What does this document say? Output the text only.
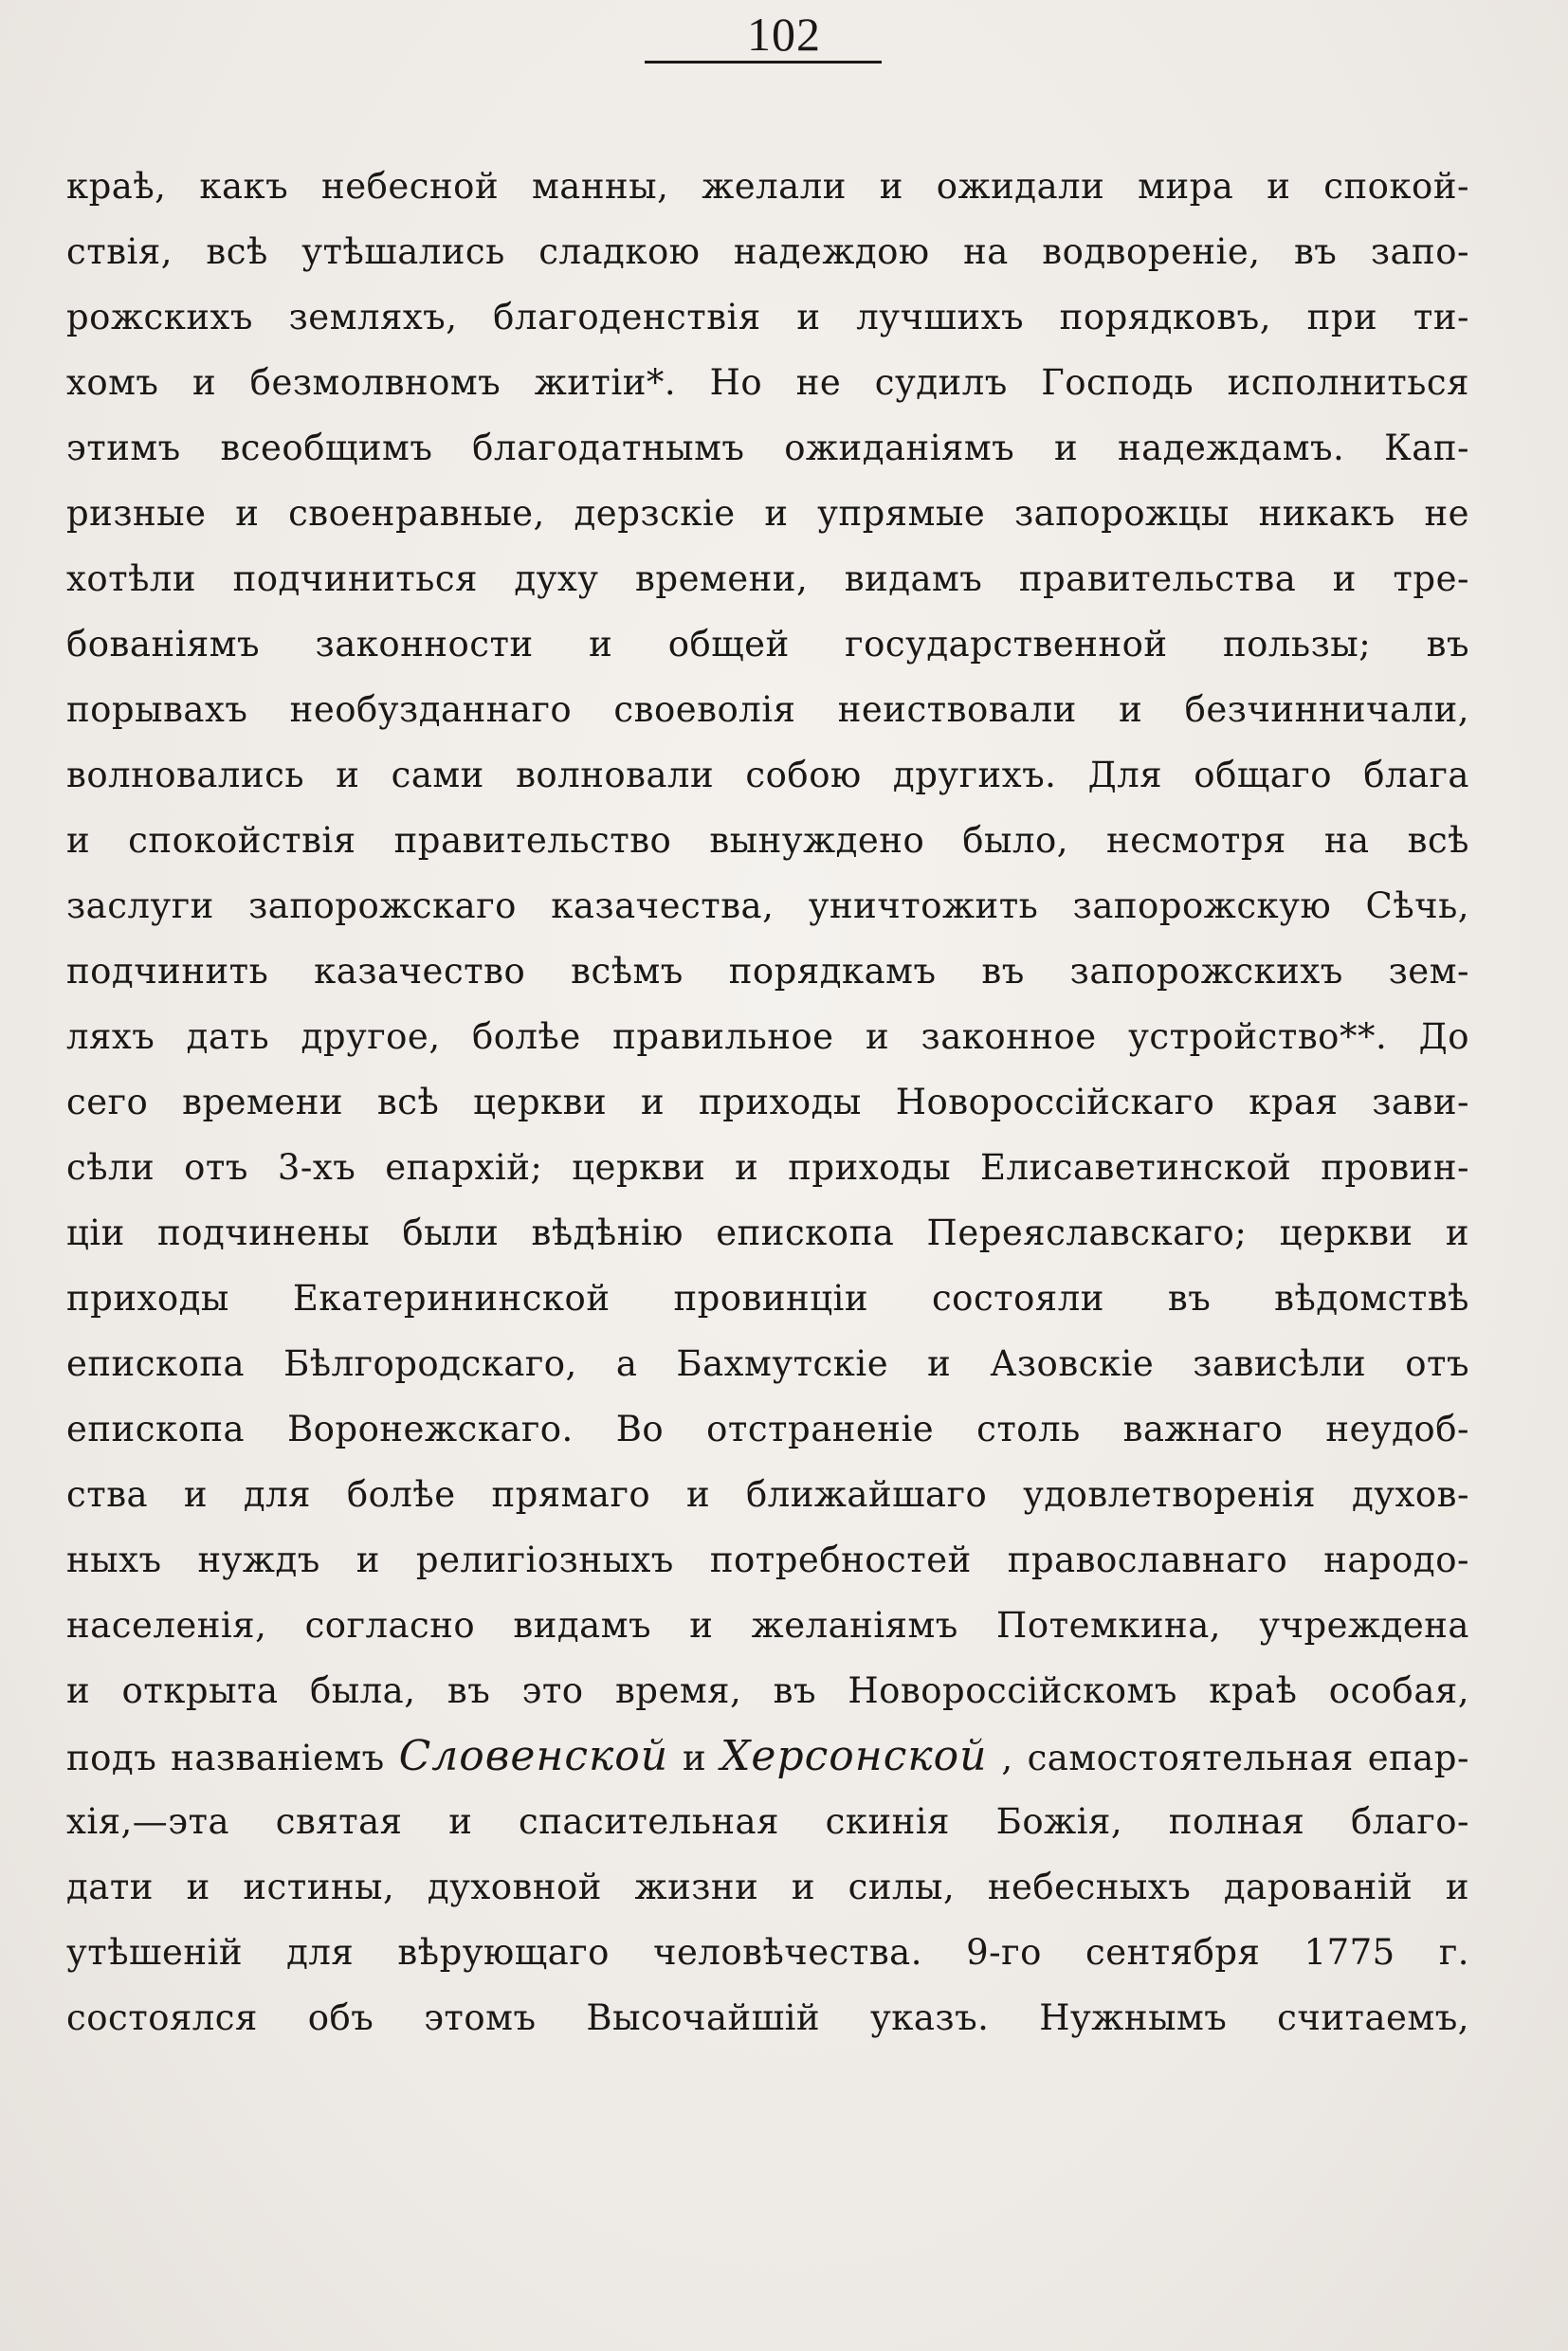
102
краѣ, какъ небесной манны, желали и ожидали мира и спокой-
ствія, всѣ утѣшались сладкою надеждою на водвореніе, въ запо-
рожскихъ земляхъ, благоденствія и лучшихъ порядковъ, при ти-
хомъ и безмолвномъ житіи*. Но не судилъ Господь исполниться
этимъ всеобщимъ благодатнымъ ожиданіямъ и надеждамъ. Кап-
ризные и своенравные, дерзскіе и упрямые запорожцы никакъ не
хотѣли подчиниться духу времени, видамъ правительства и тре-
бованіямъ законности и общей государственной пользы; въ
порывахъ необузданнаго своеволія неиствовали и безчинничали,
волновались и сами волновали собою другихъ. Для общаго блага
и спокойствія правительство вынуждено было, несмотря на всѣ
заслуги запорожскаго казачества, уничтожить запорожскую Сѣчь,
подчинить казачество всѣмъ порядкамъ въ запорожскихъ зем-
ляхъ дать другое, болѣе правильное и законное устройство**. До
сего времени всѣ церкви и приходы Новороссійскаго края зави-
сѣли отъ 3-хъ епархій; церкви и приходы Елисаветинской провин-
ціи подчинены были вѣдѣнію епископа Переяславскаго; церкви и
приходы Екатерининской провинціи состояли въ вѣдомствѣ
епископа Бѣлгородскаго, а Бахмутскіе и Азовскіе зависѣли отъ
епископа Воронежскаго. Во отстраненіе столь важнаго неудоб-
ства и для болѣе прямаго и ближайшаго удовлетворенія духов-
ныхъ нуждъ и религіозныхъ потребностей православнаго народо-
населенія, согласно видамъ и желаніямъ Потемкина, учреждена
и открыта была, въ это время, въ Новороссійскомъ краѣ особая,
подъ названіемъ Словенской и Херсонской , самостоятельная епар-
хія,—эта святая и спасительная скинія Божія, полная благо-
дати и истины, духовной жизни и силы, небесныхъ дарованій и
утѣшеній для вѣрующаго человѣчества. 9-го сентября 1775 г.
состоялся объ этомъ Высочайшій указъ. Нужнымъ считаемъ,
